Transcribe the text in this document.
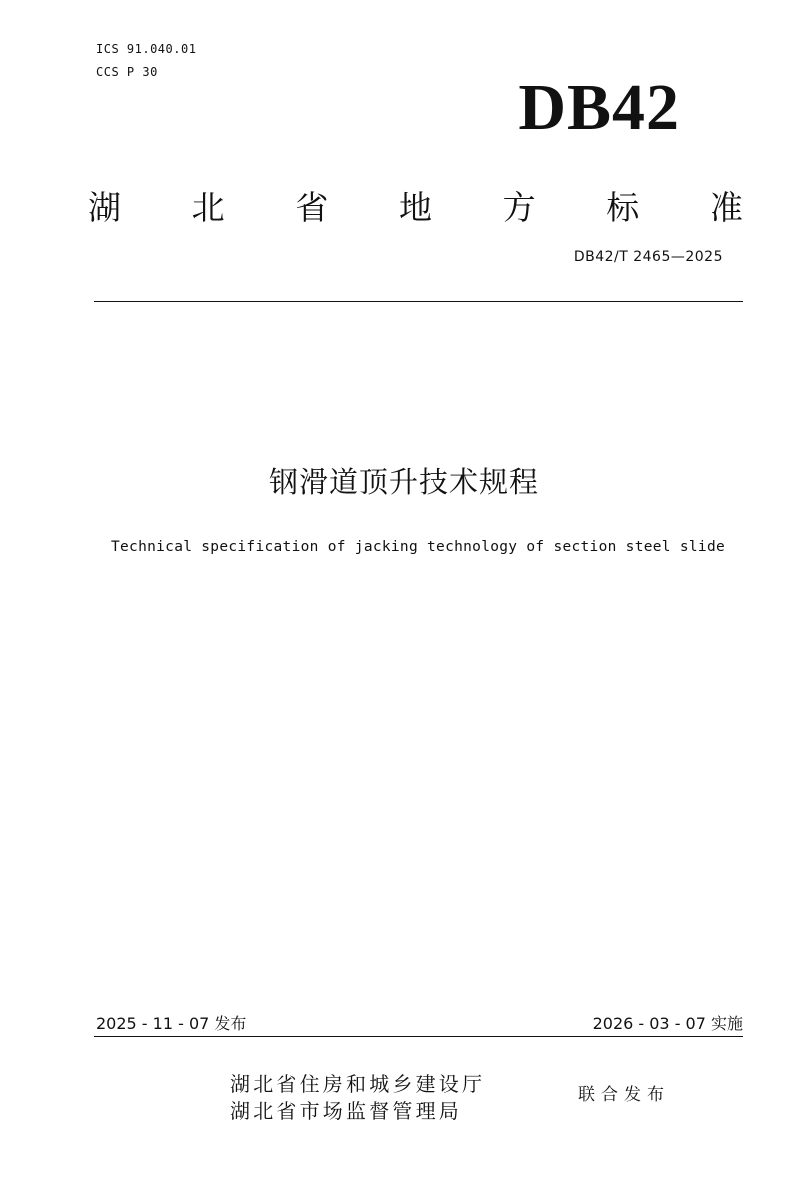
ICS 91.040.01
CCS P 30	DB42
湖 北 省 地 方 标 准
DB42/T 2465—2025
钢滑道顶升技术规程
Technical specification of jacking technology of section steel slide
2025 - 11 - 07 发布	2026 - 03 - 07 实施
湖北省住房和城乡建设厅
湖北省市场监督管理局
联合发布
